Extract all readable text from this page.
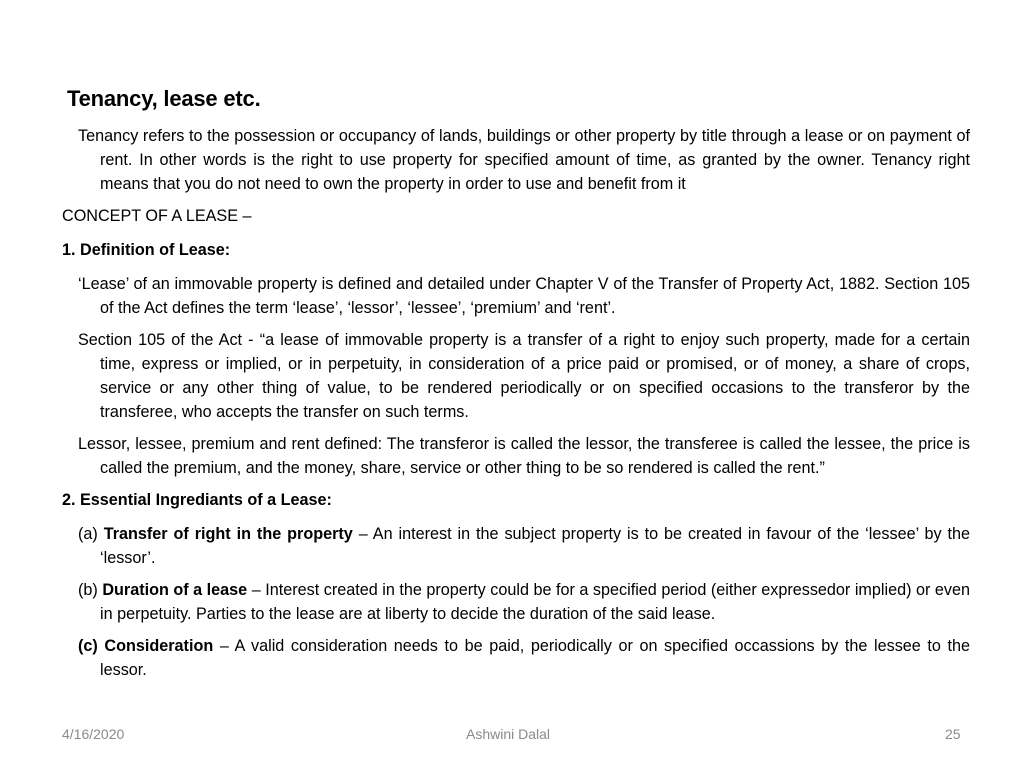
Tenancy, lease etc.

Tenancy refers to the possession or occupancy of lands, buildings or other property by title through a lease or on payment of rent. In other words is the right to use property for specified amount of time, as granted by the owner. Tenancy right means that you do not need to own the property in order to use and benefit from it

CONCEPT OF A LEASE –

1. Definition of Lease:

‘Lease’ of an immovable property is defined and detailed under Chapter V of the Transfer of Property Act, 1882. Section 105 of the Act defines the term ‘lease’, ‘lessor’, ‘lessee’, ‘premium’ and ‘rent’.

Section 105 of the Act - “a lease of immovable property is a transfer of a right to enjoy such property, made for a certain time, express or implied, or in perpetuity, in consideration of a price paid or promised, or of money, a share of crops, service or any other thing of value, to be rendered periodically or on specified occasions to the transferor by the transferee, who accepts the transfer on such terms.

Lessor, lessee, premium and rent defined: The transferor is called the lessor, the transferee is called the lessee, the price is called the premium, and the money, share, service or other thing to be so rendered is called the rent.”

2. Essential Ingrediants of a Lease:

(a) Transfer of right in the property – An interest in the subject property is to be created in favour of the ‘lessee’ by the ‘lessor’.

(b) Duration of a lease – Interest created in the property could be for a specified period (either expressedor implied) or even in perpetuity. Parties to the lease are at liberty to decide the duration of the said lease.

(c) Consideration – A valid consideration needs to be paid, periodically or on specified occassions by the lessee to the lessor.

4/16/2020	Ashwini Dalal	25
